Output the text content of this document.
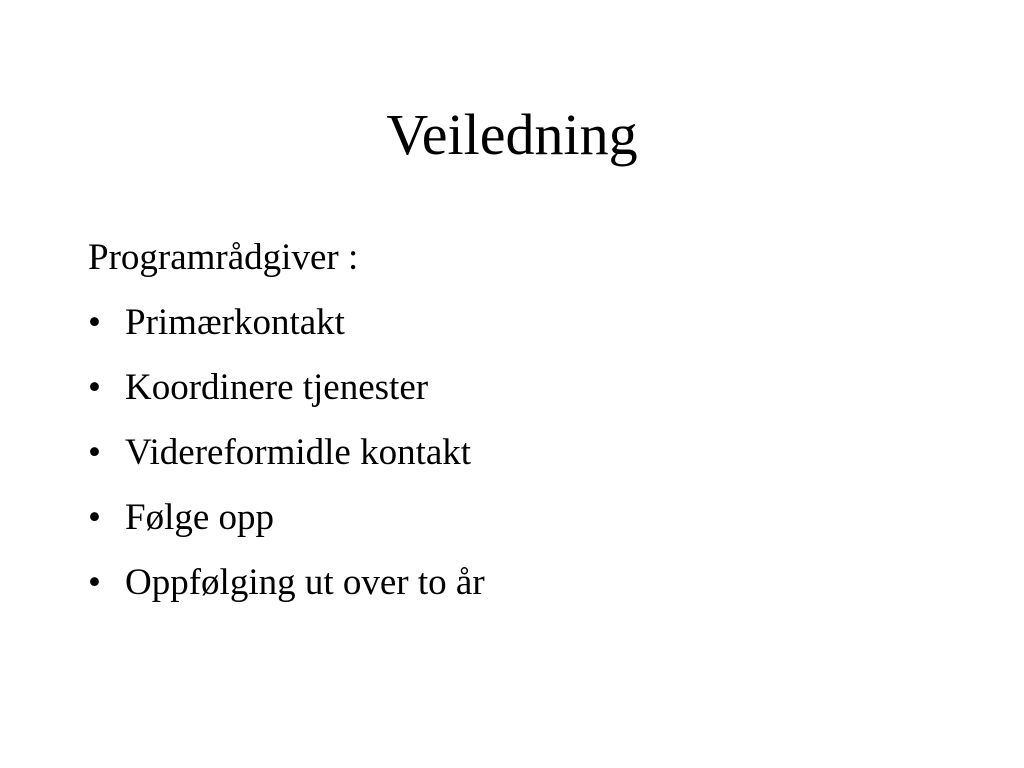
Veiledning

Programrådgiver :

• Primærkontakt
• Koordinere tjenester
• Videreformidle kontakt
• Følge opp
• Oppfølging ut over to år
